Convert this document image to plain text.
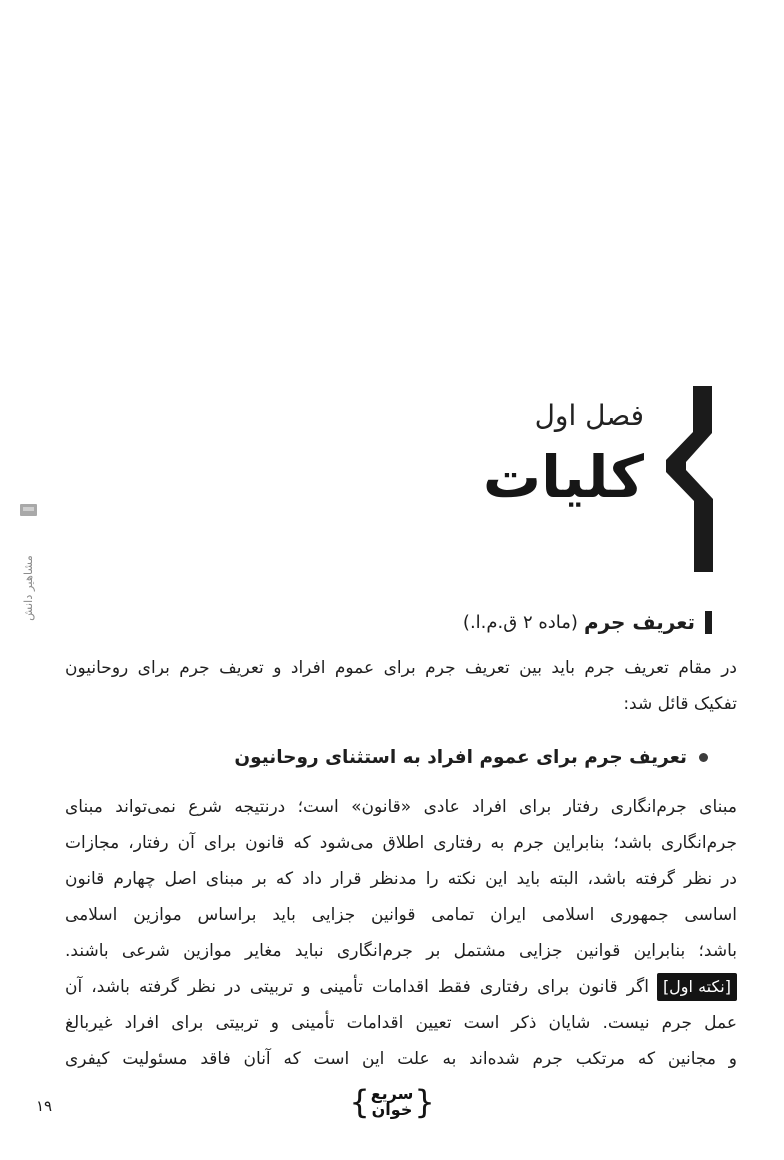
مشاهیر دانش
فصل اول
کلیات
تعریف جرم
(ماده ۲ ق.م.ا.)
در مقام تعریف جرم باید بین تعریف جرم برای عموم افراد و تعریف جرم برای روحانیون
تفکیک قائل شد:
تعریف جرم برای عموم افراد به استثنای روحانیون
مبنای جرم‌انگاری رفتار برای افراد عادی «قانون» است؛ درنتیجه شرع نمی‌تواند مبنای
جرم‌انگاری باشد؛ بنابراین جرم به رفتاری اطلاق می‌شود که قانون برای آن رفتار، مجازات
در نظر گرفته باشد، البته باید این نکته را مدنظر قرار داد که بر مبنای اصل چهارم قانون
اساسی جمهوری اسلامی ایران تمامی قوانین جزایی باید براساس موازین اسلامی
باشد؛ بنابراین قوانین جزایی مشتمل بر جرم‌انگاری نباید مغایر موازین شرعی باشند.
[نکته اول]اگر قانون برای رفتاری فقط اقدامات تأمینی و تربیتی در نظر گرفته باشد، آن
عمل جرم نیست. شایان ذکر است تعیین اقدامات تأمینی و تربیتی برای افراد غیربالغ
و مجانین که مرتکب جرم شده‌اند به علت این است که آنان فاقد مسئولیت کیفری
۱۹	{ سریع
خوان }
